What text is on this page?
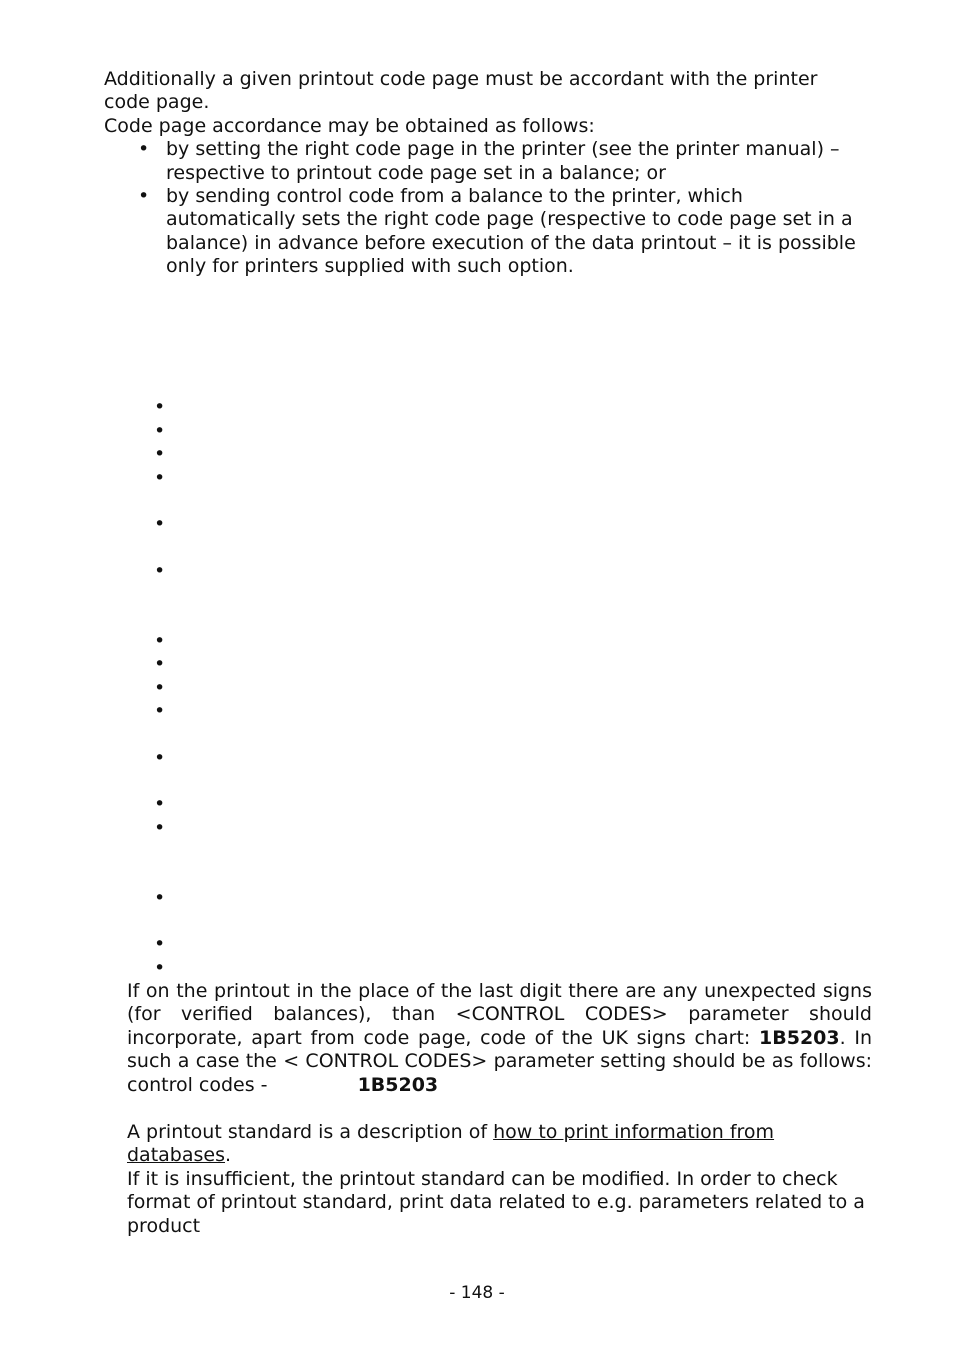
Additionally a given printout code page must be accordant with the printer code page.

Code page accordance may be obtained as follows:

• by setting the right code page in the printer (see the printer manual) – respective to printout code page set in a balance; or
• by sending control code from a balance to the printer, which automatically sets the right code page (respective to code page set in a balance) in advance before execution of the data printout – it is possible only for printers supplied with such option.
•
•
•
•
•
•
•
•
•
•
•
•
•
•
•
•

If on the printout in the place of the last digit there are any unexpected signs (for verified balances), than <CONTROL CODES> parameter should incorporate, apart from code page, code of the UK signs chart: 1B5203. In such a case the < CONTROL CODES> parameter setting should be as follows: control codes -	1B5203

A printout standard is a description of how to print information from databases.

If it is insufficient, the printout standard can be modified. In order to check format of printout standard, print data related to e.g. parameters related to a product

- 148 -
